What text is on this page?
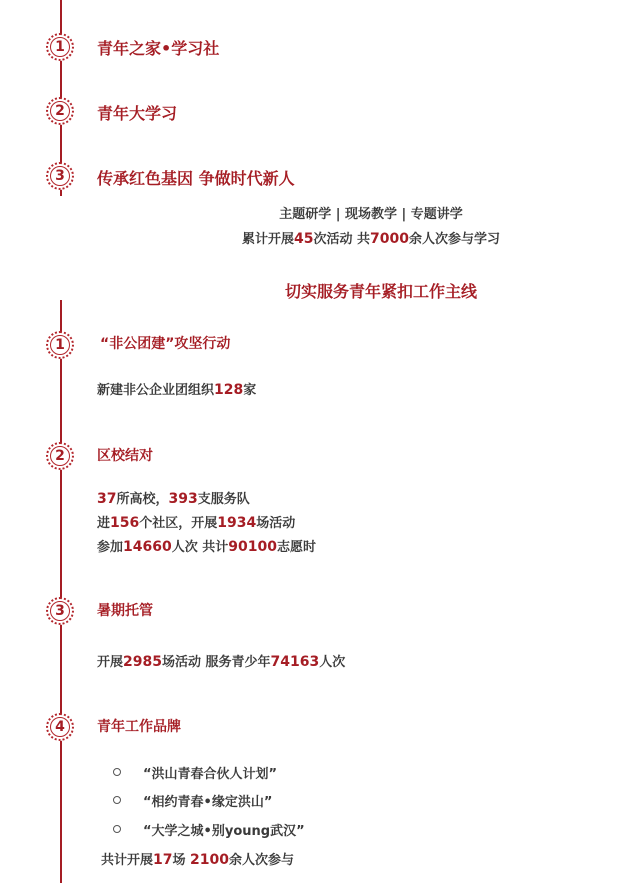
1 青年之家•学习社
2 青年大学习
3 传承红色基因 争做时代新人
主题研学 | 现场教学 | 专题讲学
累计开展45次活动 共7000余人次参与学习
切实服务青年紧扣工作主线
1	“非公团建”攻坚行动
新建非公企业团组织128家
2 区校结对
37所高校，393支服务队
进156个社区，开展1934场活动
参加14660人次 共计90100志愿时
3 暑期托管
开展2985场活动 服务青少年74163人次
4 青年工作品牌
“洪山青春合伙人计划”
“相约青春•缘定洪山”
“大学之城•别young武汉”
共计开展17场 2100余人次参与
